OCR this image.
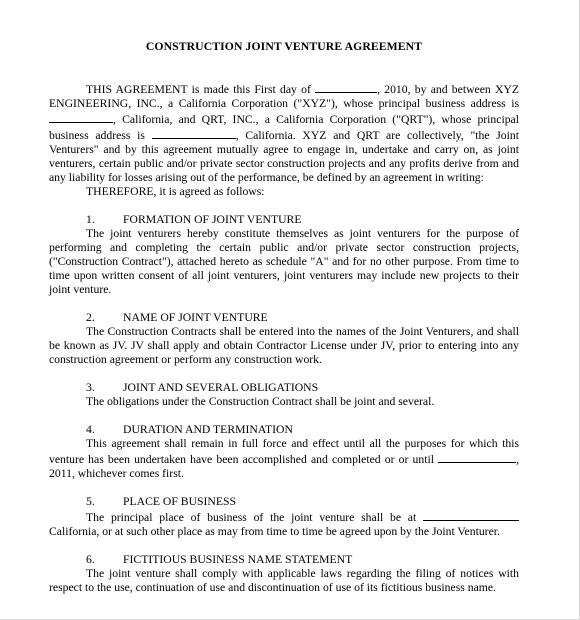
CONSTRUCTION JOINT VENTURE AGREEMENT

THIS AGREEMENT is made this First day of	, 2010, by and between XYZ ENGINEERING, INC., a California Corporation ("XYZ"), whose principal business address is, California, and QRT, INC., a California Corporation ("QRT"), whose principal business address is	, California. XYZ and QRT are collectively, "the Joint Venturers" and by this agreement mutually agree to engage in, undertake and carry on, as joint venturers, certain public and/or private sector construction projects and any profits derive from and any liability for losses arising out of the performance, be defined by an agreement in writing:

THEREFORE, it is agreed as follows:

1. FORMATION OF JOINT VENTURE

The joint venturers hereby constitute themselves as joint venturers for the purpose of performing and completing the certain public and/or private sector construction projects, ("Construction Contract"), attached hereto as schedule "A" and for no other purpose. From time to time upon written consent of all joint venturers, joint venturers may include new projects to their joint venture.

2. NAME OF JOINT VENTURE

The Construction Contracts shall be entered into the names of the Joint Venturers, and shall be known as JV. JV shall apply and obtain Contractor License under JV, prior to entering into any construction agreement or perform any construction work.

3. JOINT AND SEVERAL OBLIGATIONS

The obligations under the Construction Contract shall be joint and several.

4. DURATION AND TERMINATION

This agreement shall remain in full force and effect until all the purposes for which this venture has been undertaken have been accomplished and completed or or until	, 2011, whichever comes first.

5. PLACE OF BUSINESS

The principal place of business of the joint venture shall be at  California, or at such other place as may from time to time be agreed upon by the Joint Venturer.

6. FICTITIOUS BUSINESS NAME STATEMENT

The joint venture shall comply with applicable laws regarding the filing of notices with respect to the use, continuation of use and discontinuation of use of its fictitious business name.
